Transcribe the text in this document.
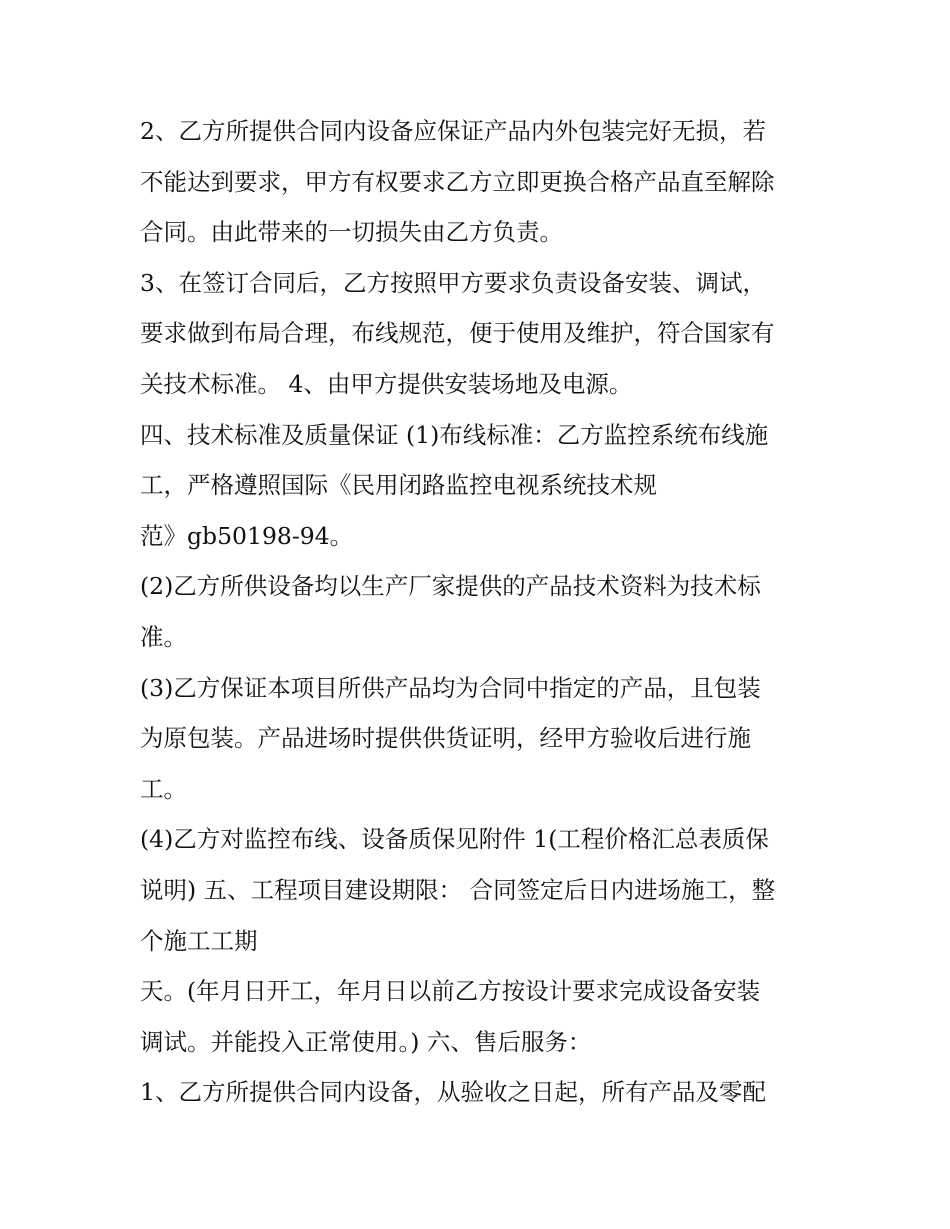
2、乙方所提供合同内设备应保证产品内外包装完好无损，若
不能达到要求，甲方有权要求乙方立即更换合格产品直至解除
合同。由此带来的一切损失由乙方负责。
3、在签订合同后，乙方按照甲方要求负责设备安装、调试，
要求做到布局合理，布线规范，便于使用及维护，符合国家有
关技术标准。 4、由甲方提供安装场地及电源。
四、技术标准及质量保证 (1)布线标准：乙方监控系统布线施
工，严格遵照国际《民用闭路监控电视系统技术规
范》gb50198-94。
(2)乙方所供设备均以生产厂家提供的产品技术资料为技术标
准。
(3)乙方保证本项目所供产品均为合同中指定的产品，且包装
为原包装。产品进场时提供供货证明，经甲方验收后进行施
工。
(4)乙方对监控布线、设备质保见附件 1(工程价格汇总表质保
说明) 五、工程项目建设期限： 合同签定后日内进场施工，整
个施工工期
天。(年月日开工，年月日以前乙方按设计要求完成设备安装
调试。并能投入正常使用。) 六、售后服务：
1、乙方所提供合同内设备，从验收之日起，所有产品及零配
